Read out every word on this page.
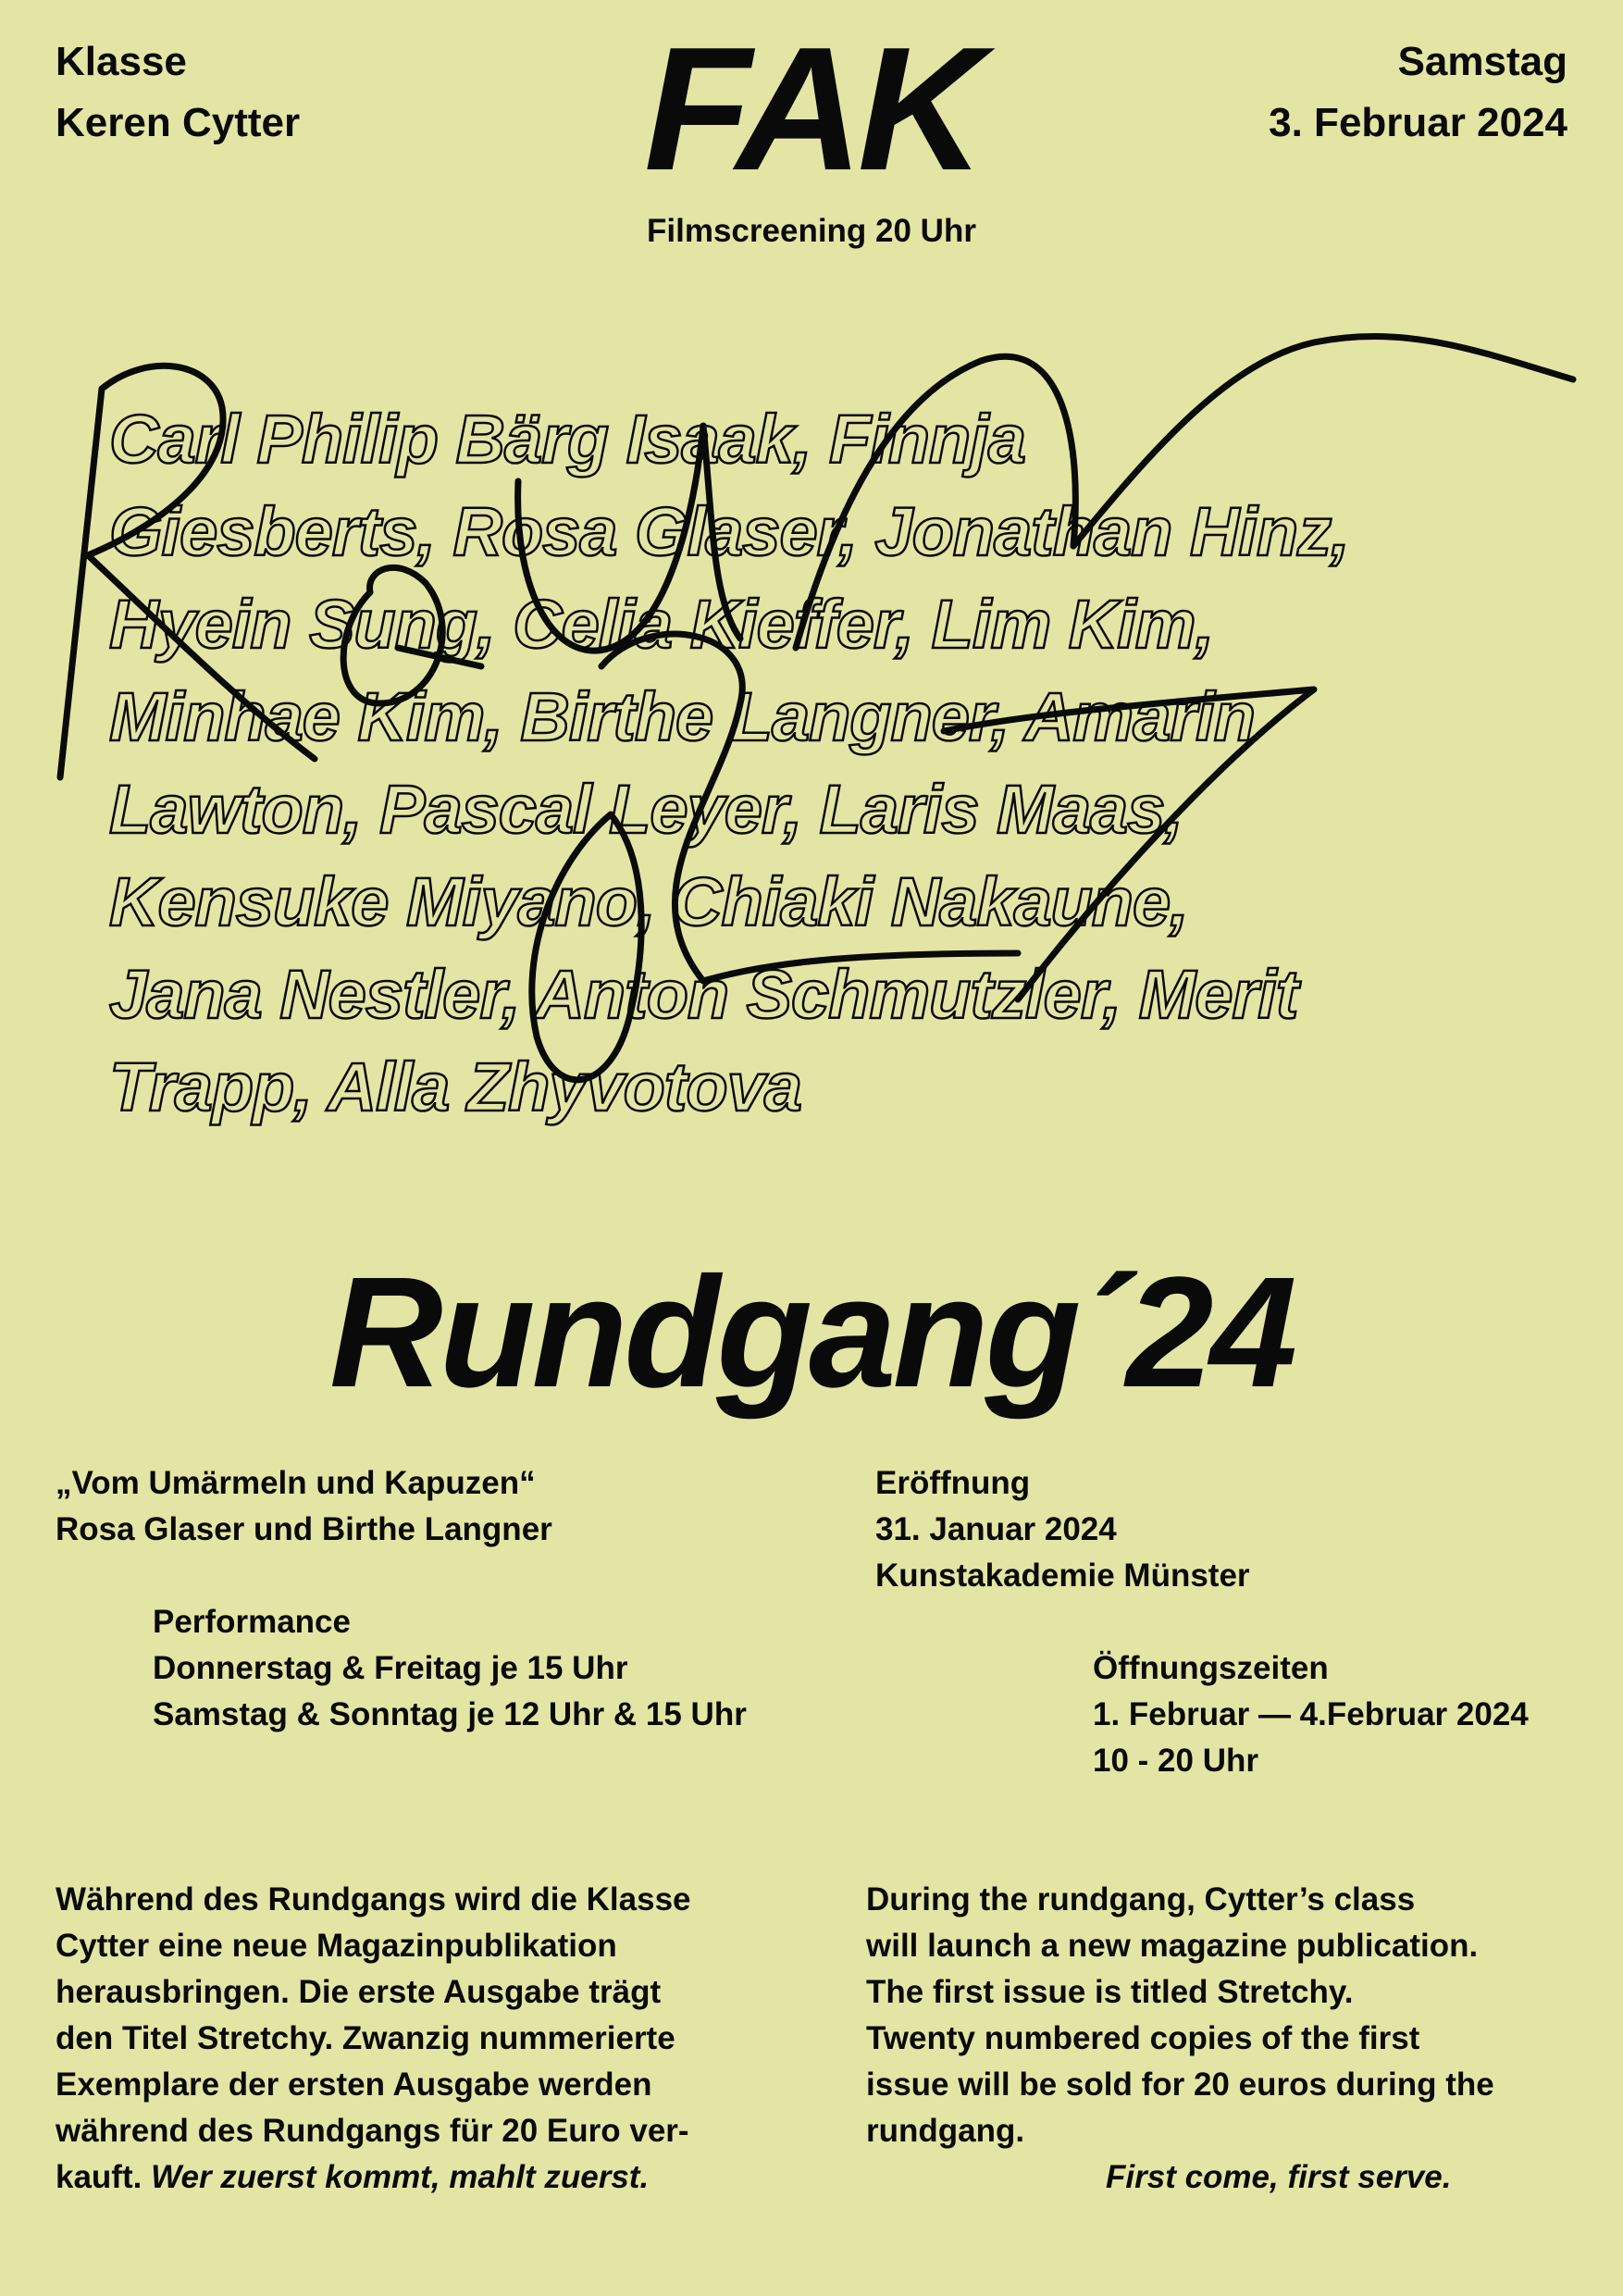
Klasse
Keren Cytter	FAK	Samstag
3. Februar 2024
Filmscreening 20 Uhr

Carl Philip Bärg Isaak, Finnja

Giesberts, Rosa Glaser, Jonathan Hinz,

Hyein Sung, Celia Kieffer, Lim Kim,

Minhae Kim, Birthe Langner, Amarin

Lawton, Pascal Leyer, Laris Maas,

Kensuke Miyano, Chiaki Nakaune,

Jana Nestler, Anton Schmutzler, Merit

Trapp, Alla Zhyvotova

Rundgang´24
„Vom Umärmeln und Kapuzen“
Rosa Glaser und Birthe Langner
Performance
Donnerstag & Freitag je 15 Uhr
Samstag & Sonntag je 12 Uhr & 15 Uhr
Eröffnung
31. Januar 2024
Kunstakademie Münster
Öffnungszeiten
1. Februar — 4.Februar 2024
10 - 20 Uhr
Während des Rundgangs wird die Klasse
Cytter eine neue Magazinpublikation
herausbringen. Die erste Ausgabe trägt
den Titel Stretchy. Zwanzig nummerierte
Exemplare der ersten Ausgabe werden
während des Rundgangs für 20 Euro ver-
kauft. Wer zuerst kommt, mahlt zuerst.
During the rundgang, Cytter’s class
will launch a new magazine publication.
The first issue is titled Stretchy.
Twenty numbered copies of the first
issue will be sold for 20 euros during the
rundgang.
First come, first serve.
